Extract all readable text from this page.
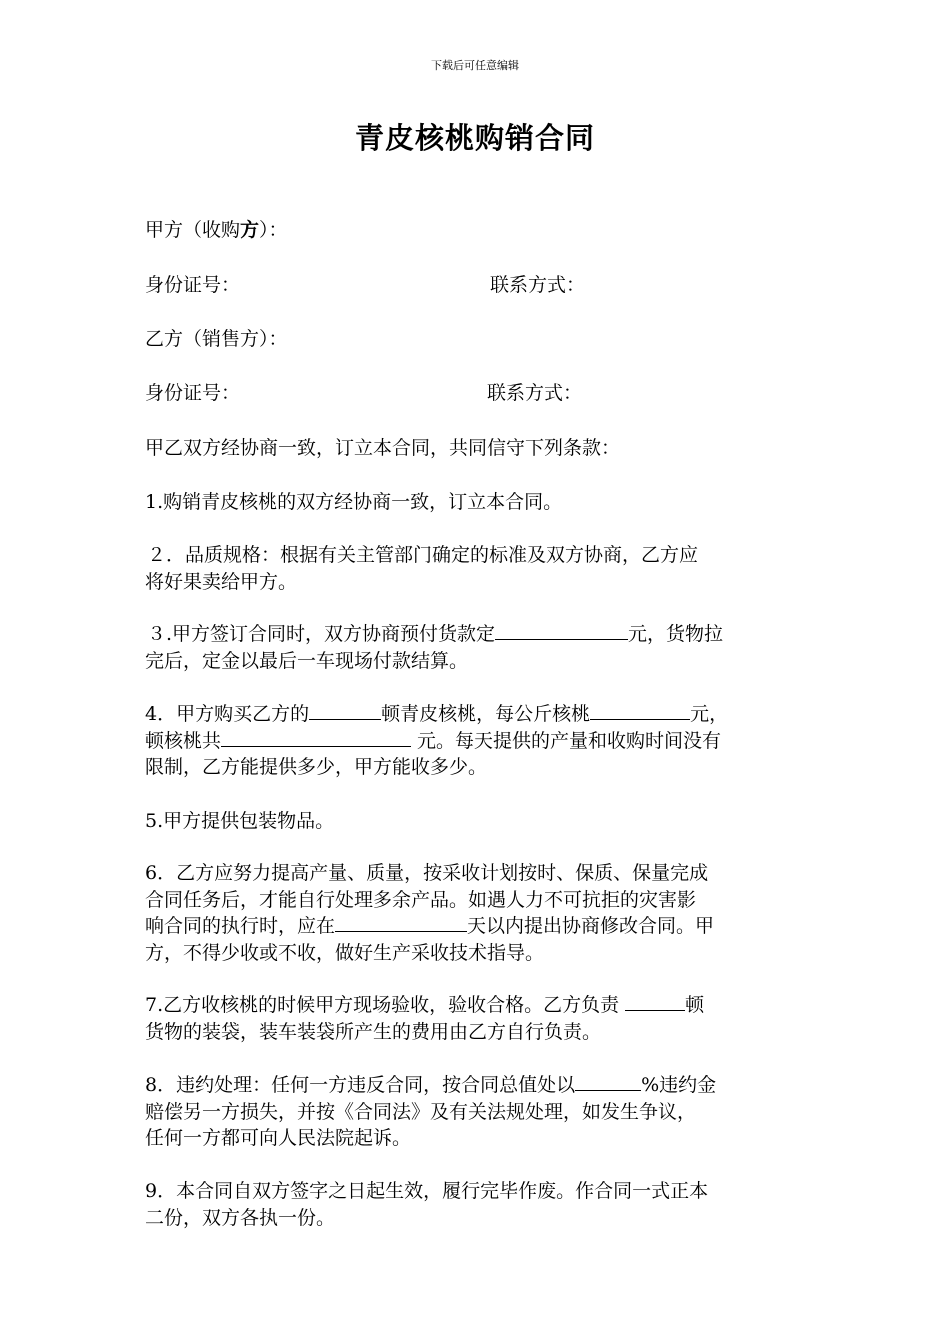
下载后可任意编辑
青皮核桃购销合同
甲方（收购方）：
身份证号：	联系方式：
乙方（销售方）：
身份证号：	联系方式：
甲乙双方经协商一致，订立本合同，共同信守下列条款：
1.购销青皮核桃的双方经协商一致，订立本合同。
２．品质规格：根据有关主管部门确定的标准及双方协商，乙方应
将好果卖给甲方。
３.甲方签订合同时，双方协商预付货款定	元，货物拉
完后，定金以最后一车现场付款结算。
4．甲方购买乙方的	顿青皮核桃，每公斤核桃	元，
顿核桃共	元。每天提供的产量和收购时间没有
限制，乙方能提供多少，甲方能收多少。
5.甲方提供包装物品。
6．乙方应努力提高产量、质量，按采收计划按时、保质、保量完成
合同任务后，才能自行处理多余产品。如遇人力不可抗拒的灾害影
响合同的执行时，应在	天以内提出协商修改合同。甲
方，不得少收或不收，做好生产采收技术指导。
7.乙方收核桃的时候甲方现场验收，验收合格。乙方负责	顿
货物的装袋，装车装袋所产生的费用由乙方自行负责。
8．违约处理：任何一方违反合同，按合同总值处以	%违约金
赔偿另一方损失，并按《合同法》及有关法规处理，如发生争议，
任何一方都可向人民法院起诉。
9．本合同自双方签字之日起生效，履行完毕作废。作合同一式正本
二份，双方各执一份。
